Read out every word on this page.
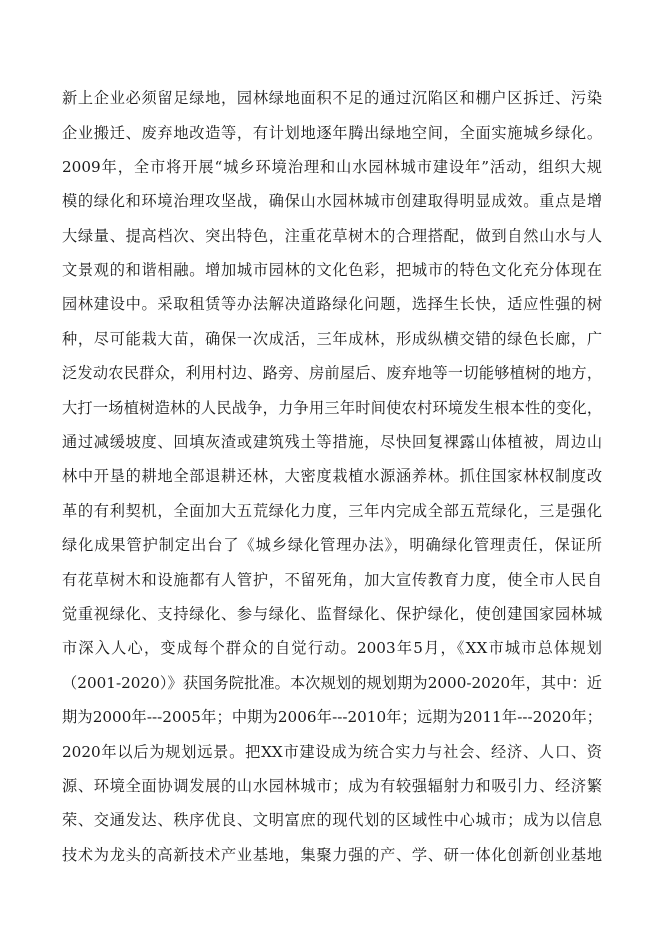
新上企业必须留足绿地，园林绿地面积不足的通过沉陷区和棚户区拆迁、污染
企业搬迁、废弃地改造等，有计划地逐年腾出绿地空间，全面实施城乡绿化。
2009年，全市将开展“城乡环境治理和山水园林城市建设年”活动，组织大规
模的绿化和环境治理攻坚战，确保山水园林城市创建取得明显成效。重点是增
大绿量、提高档次、突出特色，注重花草树木的合理搭配，做到自然山水与人
文景观的和谐相融。增加城市园林的文化色彩，把城市的特色文化充分体现在
园林建设中。采取租赁等办法解决道路绿化问题，选择生长快，适应性强的树
种，尽可能栽大苗，确保一次成活，三年成林，形成纵横交错的绿色长廊，广
泛发动农民群众，利用村边、路旁、房前屋后、废弃地等一切能够植树的地方，
大打一场植树造林的人民战争，力争用三年时间使农村环境发生根本性的变化，
通过减缓坡度、回填灰渣或建筑残土等措施，尽快回复裸露山体植被，周边山
林中开垦的耕地全部退耕还林，大密度栽植水源涵养林。抓住国家林权制度改
革的有利契机，全面加大五荒绿化力度，三年内完成全部五荒绿化，三是强化
绿化成果管护制定出台了《城乡绿化管理办法》，明确绿化管理责任，保证所
有花草树木和设施都有人管护，不留死角，加大宣传教育力度，使全市人民自
觉重视绿化、支持绿化、参与绿化、监督绿化、保护绿化，使创建国家园林城
市深入人心，变成每个群众的自觉行动。2003年5月，《XX市城市总体规划
（2001-2020）》获国务院批准。本次规划的规划期为2000-2020年，其中：近
期为2000年---2005年；中期为2006年---2010年；远期为2011年---2020年；
2020年以后为规划远景。把XX市建设成为统合实力与社会、经济、人口、资
源、环境全面协调发展的山水园林城市；成为有较强辐射力和吸引力、经济繁
荣、交通发达、秩序优良、文明富庶的现代划的区域性中心城市；成为以信息
技术为龙头的高新技术产业基地，集聚力强的产、学、研一体化创新创业基地
